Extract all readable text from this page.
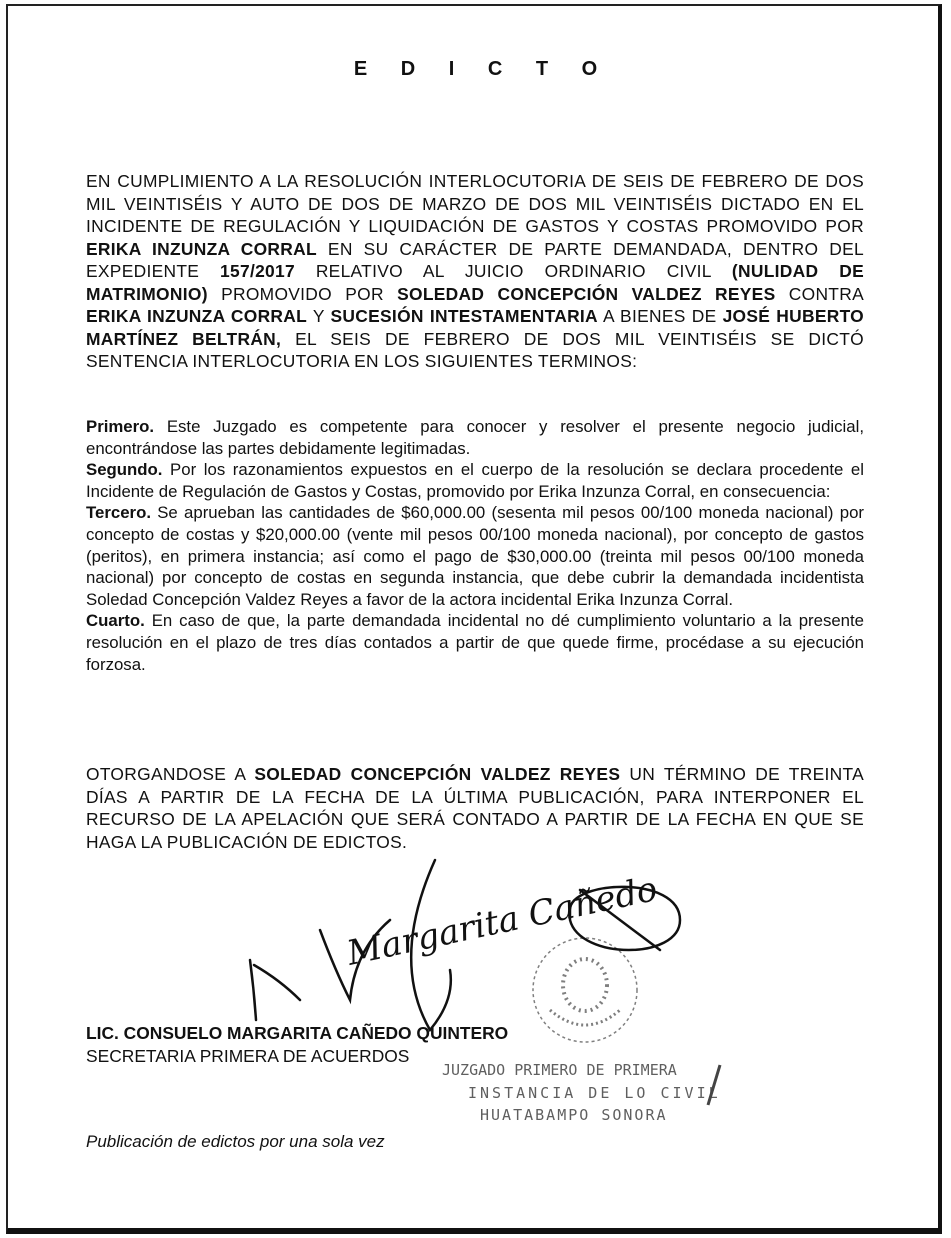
E D I C T O

EN CUMPLIMIENTO A LA RESOLUCIÓN INTERLOCUTORIA DE SEIS DE FEBRERO DE DOS MIL VEINTISÉIS Y AUTO DE DOS DE MARZO DE DOS MIL VEINTISÉIS DICTADO EN EL INCIDENTE DE REGULACIÓN Y LIQUIDACIÓN DE GASTOS Y COSTAS PROMOVIDO POR ERIKA INZUNZA CORRAL EN SU CARÁCTER DE PARTE DEMANDADA, DENTRO DEL EXPEDIENTE 157/2017 RELATIVO AL JUICIO ORDINARIO CIVIL (NULIDAD DE MATRIMONIO) PROMOVIDO POR SOLEDAD CONCEPCIÓN VALDEZ REYES CONTRA ERIKA INZUNZA CORRAL Y SUCESIÓN INTESTAMENTARIA A BIENES DE JOSÉ HUBERTO MARTÍNEZ BELTRÁN, EL SEIS DE FEBRERO DE DOS MIL VEINTISÉIS SE DICTÓ SENTENCIA INTERLOCUTORIA EN LOS SIGUIENTES TERMINOS:

Primero. Este Juzgado es competente para conocer y resolver el presente negocio judicial, encontrándose las partes debidamente legitimadas.

Segundo. Por los razonamientos expuestos en el cuerpo de la resolución se declara procedente el Incidente de Regulación de Gastos y Costas, promovido por Erika Inzunza Corral, en consecuencia:

Tercero. Se aprueban las cantidades de $60,000.00 (sesenta mil pesos 00/100 moneda nacional) por concepto de costas y $20,000.00 (vente mil pesos 00/100 moneda nacional), por concepto de gastos (peritos), en primera instancia; así como el pago de $30,000.00 (treinta mil pesos 00/100 moneda nacional) por concepto de costas en segunda instancia, que debe cubrir la demandada incidentista Soledad Concepción Valdez Reyes a favor de la actora incidental Erika Inzunza Corral.

Cuarto. En caso de que, la parte demandada incidental no dé cumplimiento voluntario a la presente resolución en el plazo de tres días contados a partir de que quede firme, procédase a su ejecución forzosa.

OTORGANDOSE A SOLEDAD CONCEPCIÓN VALDEZ REYES UN TÉRMINO DE TREINTA DÍAS A PARTIR DE LA FECHA DE LA ÚLTIMA PUBLICACIÓN, PARA INTERPONER EL RECURSO DE LA APELACIÓN QUE SERÁ CONTADO A PARTIR DE LA FECHA EN QUE SE HAGA LA PUBLICACIÓN DE EDICTOS.

JUZGADO PRIMERO DE PRIMERA
INSTANCIA DE LO CIVIL
HUATABAMPO SONORA
Margarita Cañedo
LIC. CONSUELO MARGARITA CAÑEDO QUINTERO
SECRETARIA PRIMERA DE ACUERDOS
Publicación de edictos por una sola vez
